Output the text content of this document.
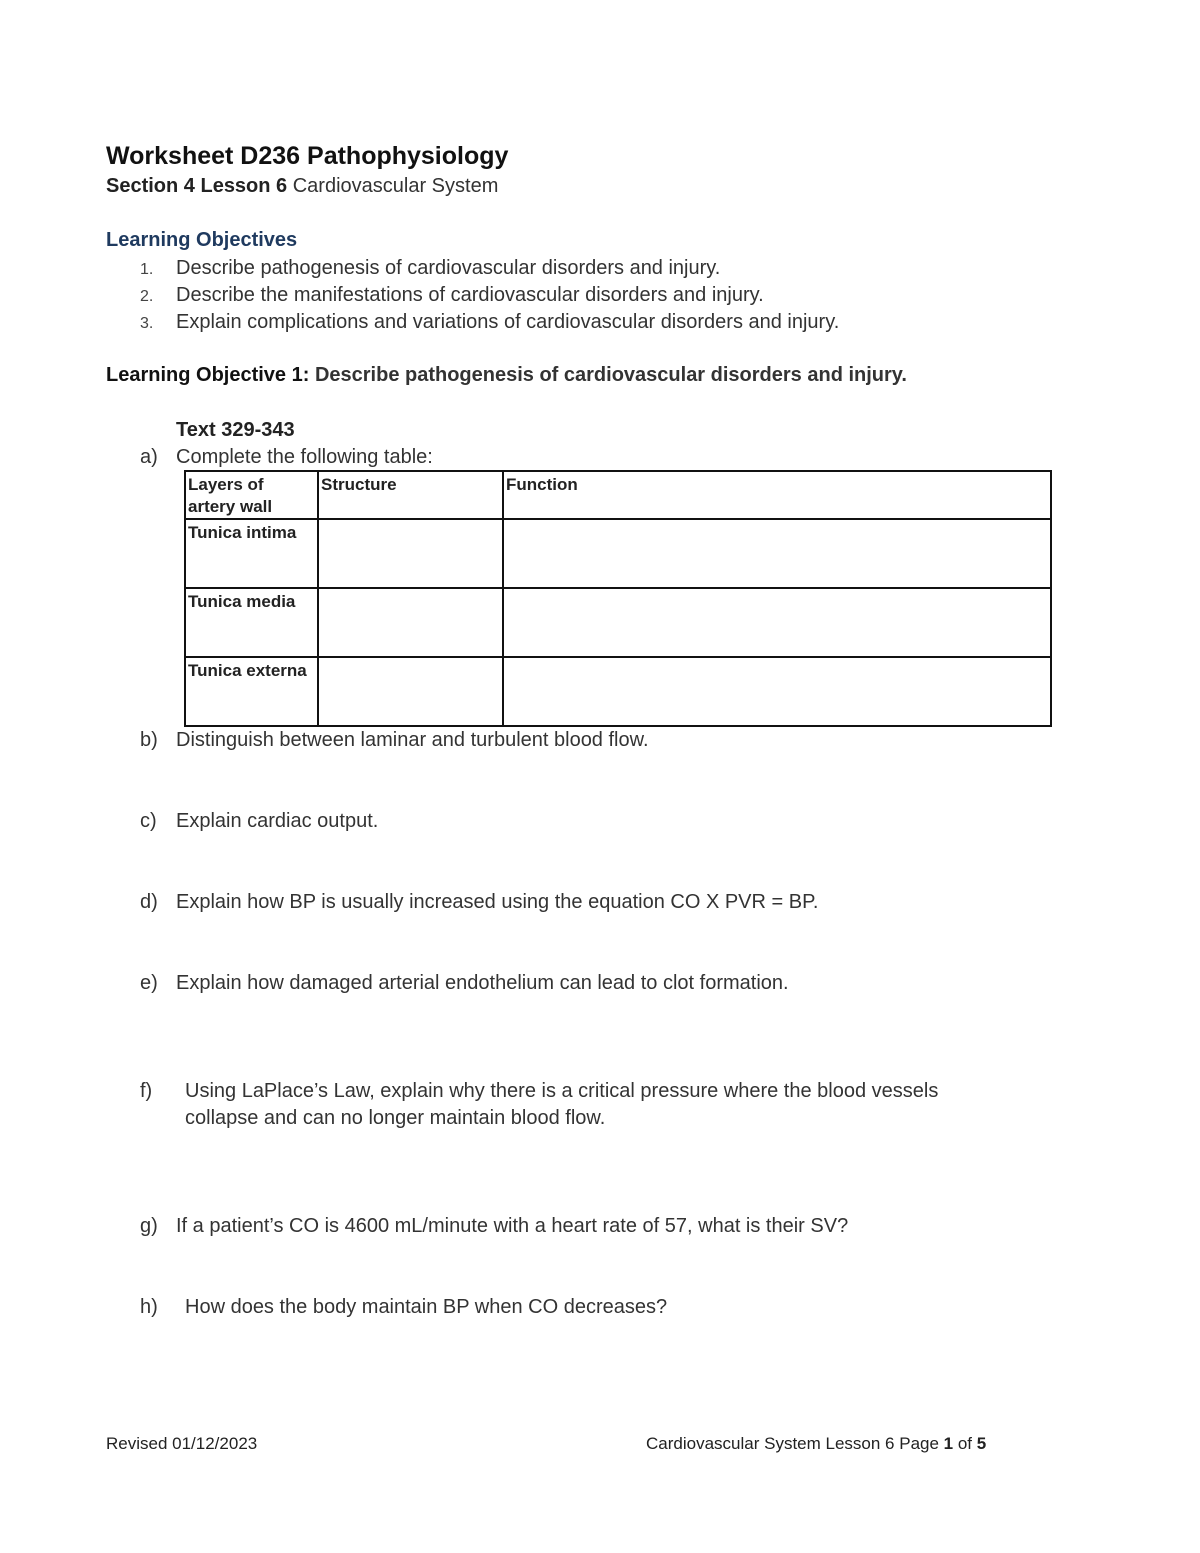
Worksheet D236 Pathophysiology
Section 4 Lesson 6 Cardiovascular System
Learning Objectives
1. Describe pathogenesis of cardiovascular disorders and injury.
2. Describe the manifestations of cardiovascular disorders and injury.
3. Explain complications and variations of cardiovascular disorders and injury.
Learning Objective 1: Describe pathogenesis of cardiovascular disorders and injury.
Text 329-343
a) Complete the following table:
Layers of artery wall	Structure	Function
Tunica intima		
Tunica media		
Tunica externa		
b) Distinguish between laminar and turbulent blood flow.
c) Explain cardiac output.
d) Explain how BP is usually increased using the equation CO X PVR = BP.
e) Explain how damaged arterial endothelium can lead to clot formation.
f) Using LaPlace’s Law, explain why there is a critical pressure where the blood vessels
collapse and can no longer maintain blood flow.
g) If a patient’s CO is 4600 mL/minute with a heart rate of 57, what is their SV?
h) How does the body maintain BP when CO decreases?
Revised 01/12/2023	Cardiovascular System Lesson 6 Page 1 of 5
